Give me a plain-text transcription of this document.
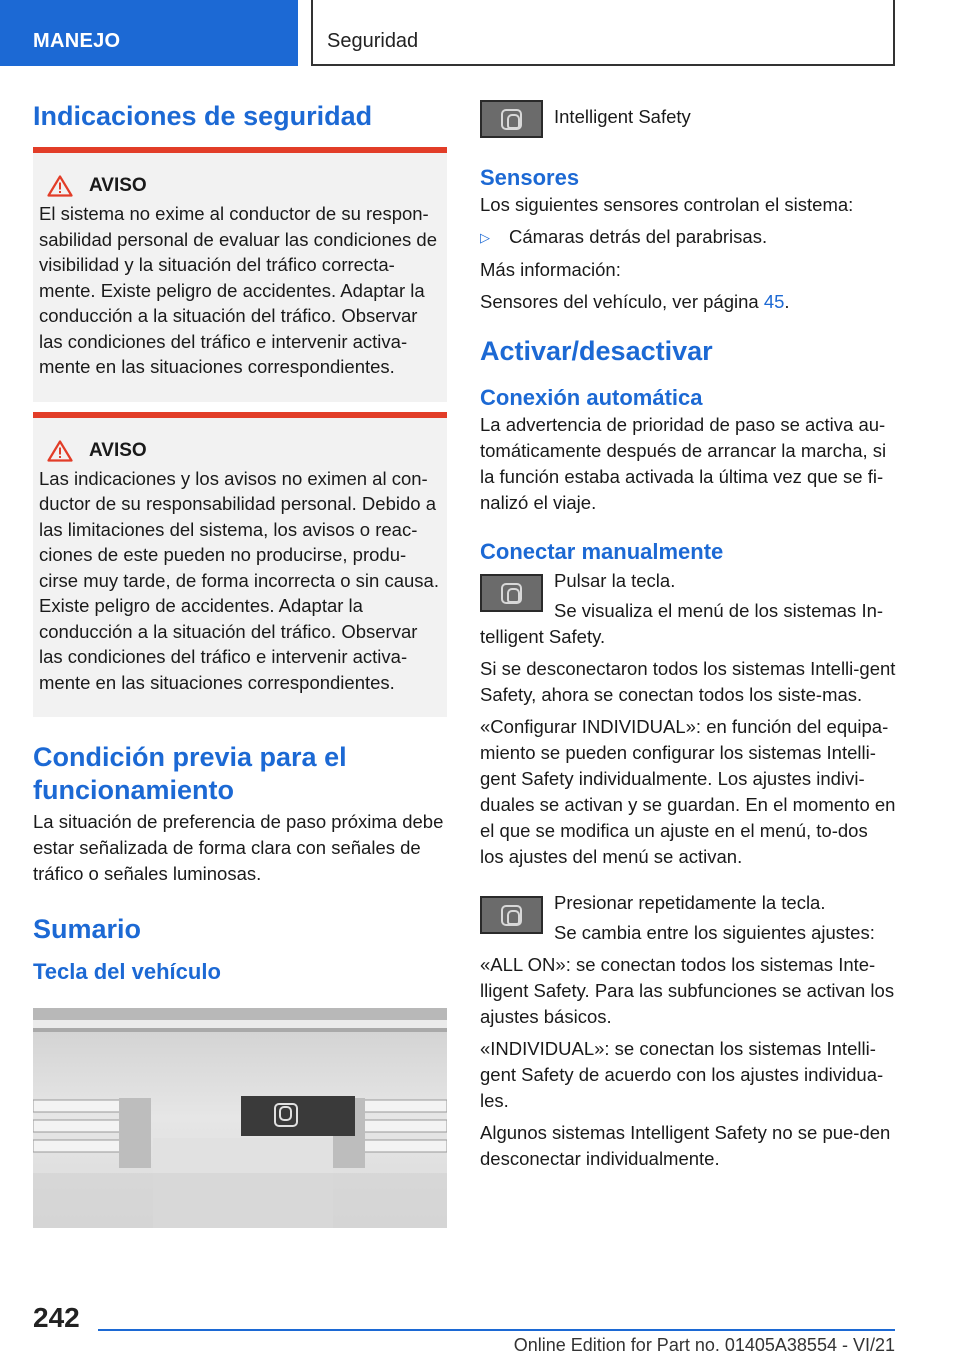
MANEJO	Seguridad
Indicaciones de seguridad
AVISO

El sistema no exime al conductor de su respon-sabilidad personal de evaluar las condiciones de visibilidad y la situación del tráfico correcta-mente. Existe peligro de accidentes. Adaptar la conducción a la situación del tráfico. Observar las condiciones del tráfico e intervenir activa-mente en las situaciones correspondientes.

AVISO

Las indicaciones y los avisos no eximen al con-ductor de su responsabilidad personal. Debido a las limitaciones del sistema, los avisos o reac-ciones de este pueden no producirse, produ-cirse muy tarde, de forma incorrecta o sin causa. Existe peligro de accidentes. Adaptar la conducción a la situación del tráfico. Observar las condiciones del tráfico e intervenir activa-mente en las situaciones correspondientes.

Condición previa para el funcionamiento

La situación de preferencia de paso próxima debe estar señalizada de forma clara con señales de tráfico o señales luminosas.

Sumario
Tecla del vehículo
Intelligent Safety
Sensores

Los siguientes sensores controlan el sistema:

▷	Cámaras detrás del parabrisas.

Más información:

Sensores del vehículo, ver página 45.

Activar/desactivar
Conexión automática

La advertencia de prioridad de paso se activa au-tomáticamente después de arrancar la marcha, si la función estaba activada la última vez que se fi-nalizó el viaje.

Conectar manualmente

Pulsar la tecla.

Se visualiza el menú de los sistemas In-

telligent Safety.

Si se desconectaron todos los sistemas Intelli-gent Safety, ahora se conectan todos los siste-mas.

«Configurar INDIVIDUAL»: en función del equipa-miento se pueden configurar los sistemas Intelli-gent Safety individualmente. Los ajustes indivi-duales se activan y se guardan. En el momento en el que se modifica un ajuste en el menú, to-dos los ajustes del menú se activan.

Presionar repetidamente la tecla.

Se cambia entre los siguientes ajustes:

«ALL ON»: se conectan todos los sistemas Inte-lligent Safety. Para las subfunciones se activan los ajustes básicos.

«INDIVIDUAL»: se conectan los sistemas Intelli-gent Safety de acuerdo con los ajustes individua-les.

Algunos sistemas Intelligent Safety no se pue-den desconectar individualmente.

242
Online Edition for Part no. 01405A38554 - VI/21
